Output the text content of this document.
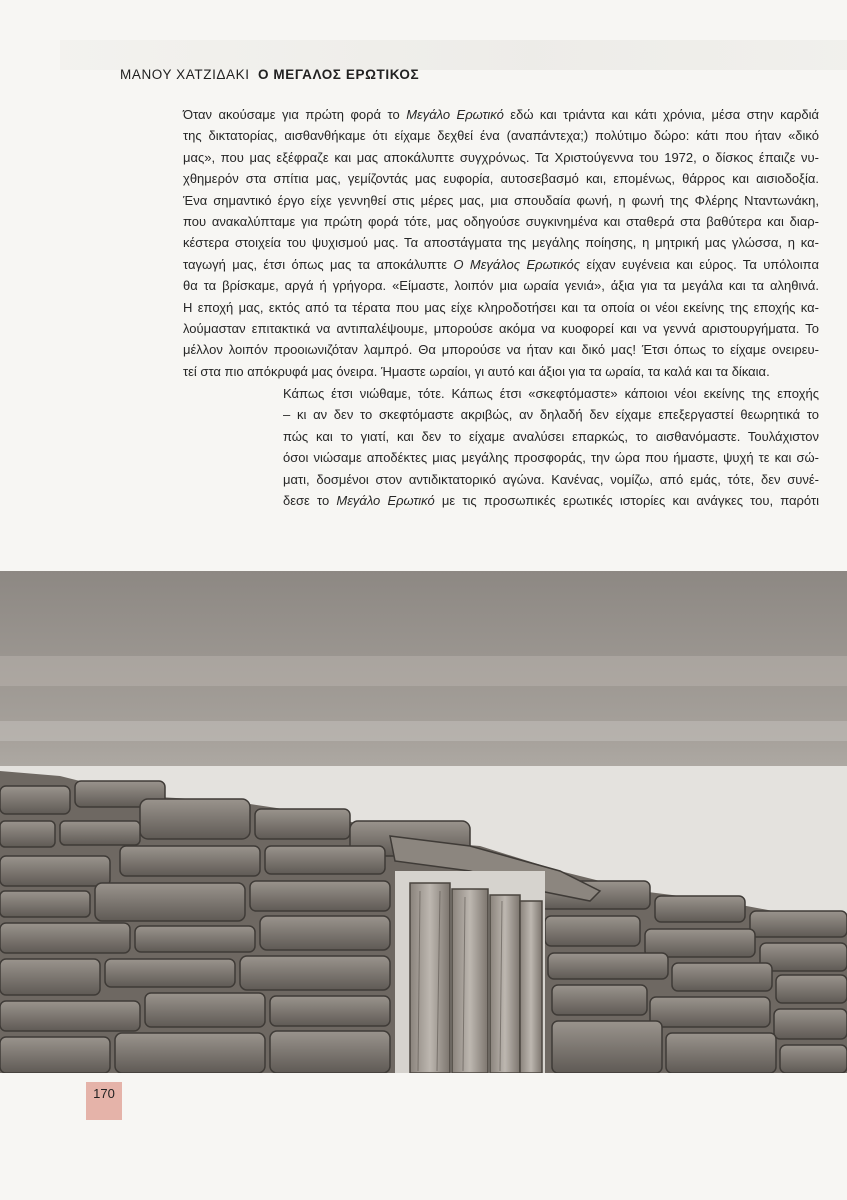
ΜΑΝΟΥ ΧΑΤΖΙΔΑΚΙ Ο ΜΕΓΑΛΟΣ ΕΡΩΤΙΚΟΣ
Όταν ακούσαμε για πρώτη φορά το Μεγάλο Ερωτικό εδώ και τριάντα και κάτι χρόνια, μέσα στην καρδιά
της δικτατορίας, αισθανθήκαμε ότι είχαμε δεχθεί ένα (αναπάντεχα;) πολύτιμο δώρο: κάτι που ήταν «δικό
μας», που μας εξέφραζε και μας αποκάλυπτε συγχρόνως. Τα Χριστούγεννα του 1972, ο δίσκος έπαιζε νυ-
χθημερόν στα σπίτια μας, γεμίζοντάς μας ευφορία, αυτοσεβασμό και, επομένως, θάρρος και αισιοδοξία.
Ένα σημαντικό έργο είχε γεννηθεί στις μέρες μας, μια σπουδαία φωνή, η φωνή της Φλέρης Νταντωνάκη,
που ανακαλύπταμε για πρώτη φορά τότε, μας οδηγούσε συγκινημένα και σταθερά στα βαθύτερα και διαρ-
κέστερα στοιχεία του ψυχισμού μας. Τα αποστάγματα της μεγάλης ποίησης, η μητρική μας γλώσσα, η κα-
ταγωγή μας, έτσι όπως μας τα αποκάλυπτε Ο Μεγάλος Ερωτικός είχαν ευγένεια και εύρος. Τα υπόλοιπα
θα τα βρίσκαμε, αργά ή γρήγορα. «Είμαστε, λοιπόν μια ωραία γενιά», άξια για τα μεγάλα και τα αληθινά.
Η εποχή μας, εκτός από τα τέρατα που μας είχε κληροδοτήσει και τα οποία οι νέοι εκείνης της εποχής κα-
λούμασταν επιτακτικά να αντιπαλέψουμε, μπορούσε ακόμα να κυοφορεί και να γεννά αριστουργήματα. Το
μέλλον λοιπόν προοιωνιζόταν λαμπρό. Θα μπορούσε να ήταν και δικό μας! Έτσι όπως το είχαμε ονειρευ-
τεί στα πιο απόκρυφά μας όνειρα. Ήμαστε ωραίοι, γι αυτό και άξιοι για τα ωραία, τα καλά και τα δίκαια.
Κάπως έτσι νιώθαμε, τότε. Κάπως έτσι «σκεφτόμαστε» κάποιοι νέοι εκείνης της εποχής
– κι αν δεν το σκεφτόμαστε ακριβώς, αν δηλαδή δεν είχαμε επεξεργαστεί θεωρητικά το
πώς και το γιατί, και δεν το είχαμε αναλύσει επαρκώς, το αισθανόμαστε. Τουλάχιστον
όσοι νιώσαμε αποδέκτες μιας μεγάλης προσφοράς, την ώρα που ήμαστε, ψυχή τε και σώ-
ματι, δοσμένοι στον αντιδικτατορικό αγώνα. Κανένας, νομίζω, από εμάς, τότε, δεν συνέ-
δεσε το Μεγάλο Ερωτικό με τις προσωπικές ερωτικές ιστορίες και ανάγκες του, παρότι
170
